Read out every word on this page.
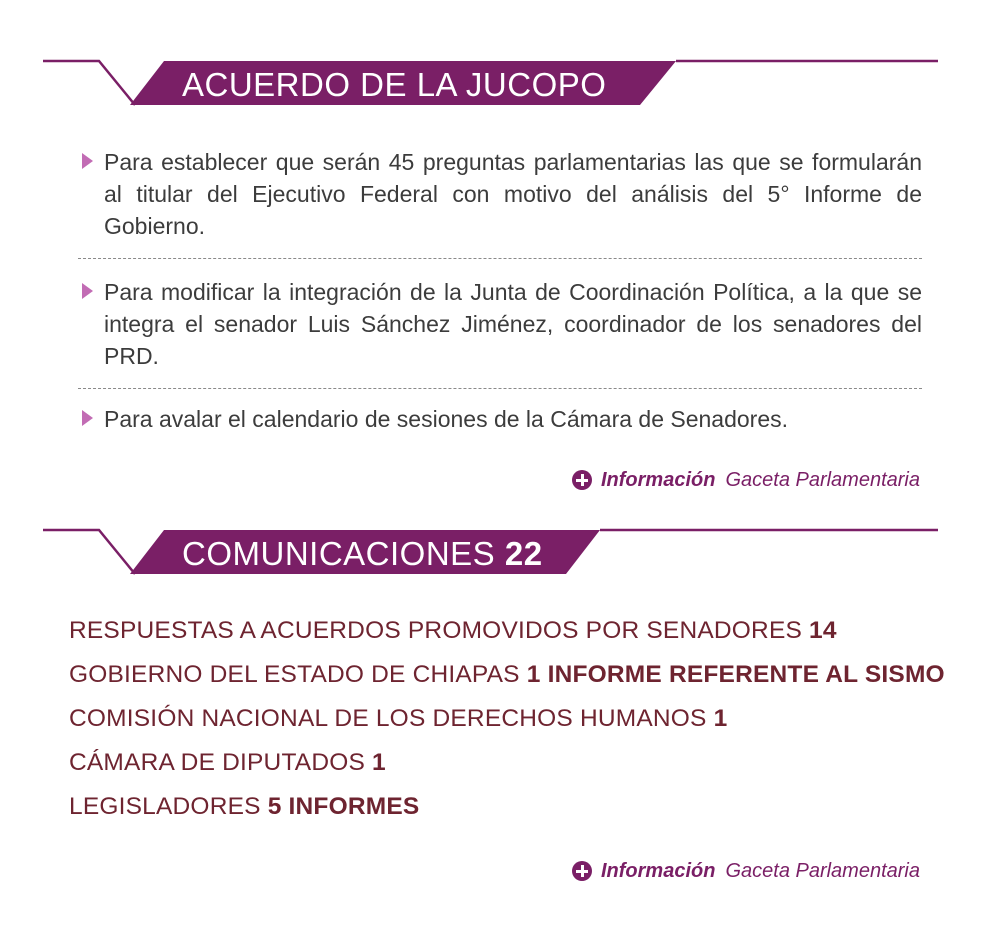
ACUERDO DE LA JUCOPO
Para establecer que serán 45 preguntas parlamentarias las que se formularán al titular del Ejecutivo Federal con motivo del análisis del 5° Informe de Gobierno.
Para modificar la integración de la Junta de Coordinación Política, a la que se integra el senador Luis Sánchez Jiménez, coordinador de los senadores del PRD.
Para avalar el calendario de sesiones de la Cámara de Senadores.
Información Gaceta Parlamentaria
COMUNICACIONES 22
RESPUESTAS A ACUERDOS PROMOVIDOS POR SENADORES 14
GOBIERNO DEL ESTADO DE CHIAPAS 1 INFORME REFERENTE AL SISMO
COMISIÓN NACIONAL DE LOS DERECHOS HUMANOS 1
CÁMARA DE DIPUTADOS 1
LEGISLADORES 5 INFORMES
Información Gaceta Parlamentaria
